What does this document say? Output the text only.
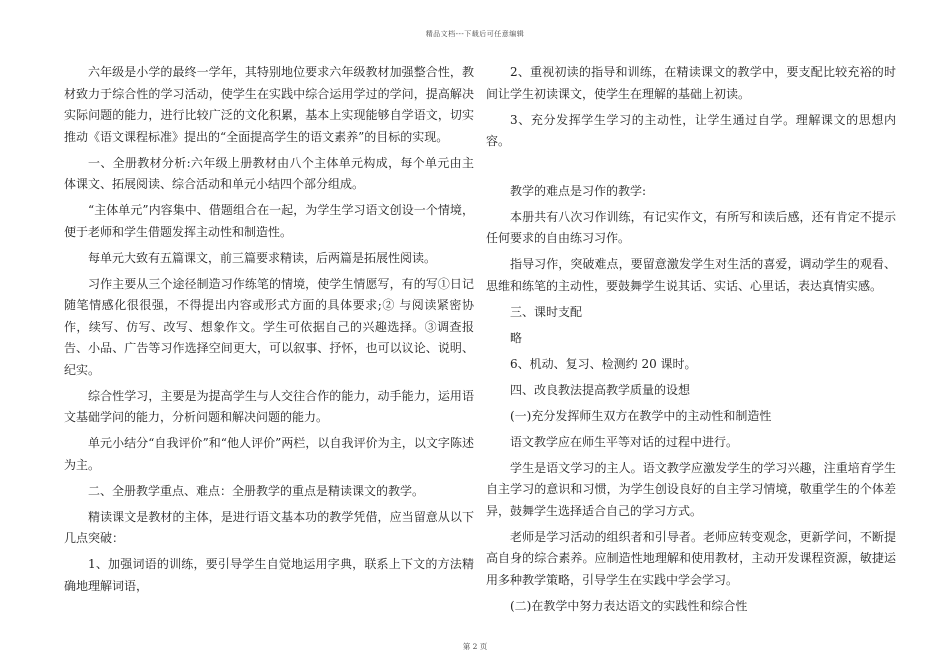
精品文档---下载后可任意编辑

六年级是小学的最终一学年，其特别地位要求六年级教材加强整合性，教材致力于综合性的学习活动，使学生在实践中综合运用学过的学问，提高解决实际问题的能力，进行比较广泛的文化积累，基本上实现能够自学语文，切实推动《语文课程标准》提出的“全面提高学生的语文素养”的目标的实现。

一、全册教材分析:六年级上册教材由八个主体单元构成，每个单元由主体课文、拓展阅读、综合活动和单元小结四个部分组成。

“主体单元”内容集中、借题组合在一起，为学生学习语文创设一个情境，便于老师和学生借题发挥主动性和制造性。

每单元大致有五篇课文，前三篇要求精读，后两篇是拓展性阅读。

习作主要从三个途径制造习作练笔的情境，使学生情愿写，有的写①日记随笔情感化很很强，不得提出内容或形式方面的具体要求;② 与阅读紧密协作，续写、仿写、改写、想象作文。学生可依据自己的兴趣选择。③调查报告、小品、广告等习作选择空间更大，可以叙事、抒怀，也可以议论、说明、纪实。

综合性学习，主要是为提高学生与人交往合作的能力，动手能力，运用语文基础学问的能力，分析问题和解决问题的能力。

单元小结分“自我评价”和“他人评价”两栏，以自我评价为主，以文字陈述为主。

二、全册教学重点、难点：全册教学的重点是精读课文的教学。

精读课文是教材的主体，是进行语文基本功的教学凭借，应当留意从以下几点突破：

1、加强词语的训练，要引导学生自觉地运用字典，联系上下文的方法精确地理解词语，

2、重视初读的指导和训练，在精读课文的教学中，要支配比较充裕的时间让学生初读课文，使学生在理解的基础上初读。

3、充分发挥学生学习的主动性，让学生通过自学。理解课文的思想内容。

教学的难点是习作的教学:

本册共有八次习作训练，有记实作文，有所写和读后感，还有肯定不提示任何要求的自由练习习作。

指导习作，突破难点，要留意激发学生对生活的喜爱，调动学生的观看、思维和练笔的主动性，要鼓舞学生说其话、实话、心里话，表达真情实感。

三、课时支配

略

6、机动、复习、检测约 20 课时。

四、改良教法提高教学质量的设想

(一)充分发挥师生双方在教学中的主动性和制造性

语文教学应在师生平等对话的过程中进行。

学生是语文学习的主人。语文教学应激发学生的学习兴趣，注重培育学生自主学习的意识和习惯，为学生创设良好的自主学习情境，敬重学生的个体差异，鼓舞学生选择适合自己的学习方式。

老师是学习活动的组织者和引导者。老师应转变观念，更新学问，不断提高自身的综合素养。应制造性地理解和使用教材，主动开发课程资源，敏捷运用多种教学策略，引导学生在实践中学会学习。

(二)在教学中努力表达语文的实践性和综合性

第 2 页
